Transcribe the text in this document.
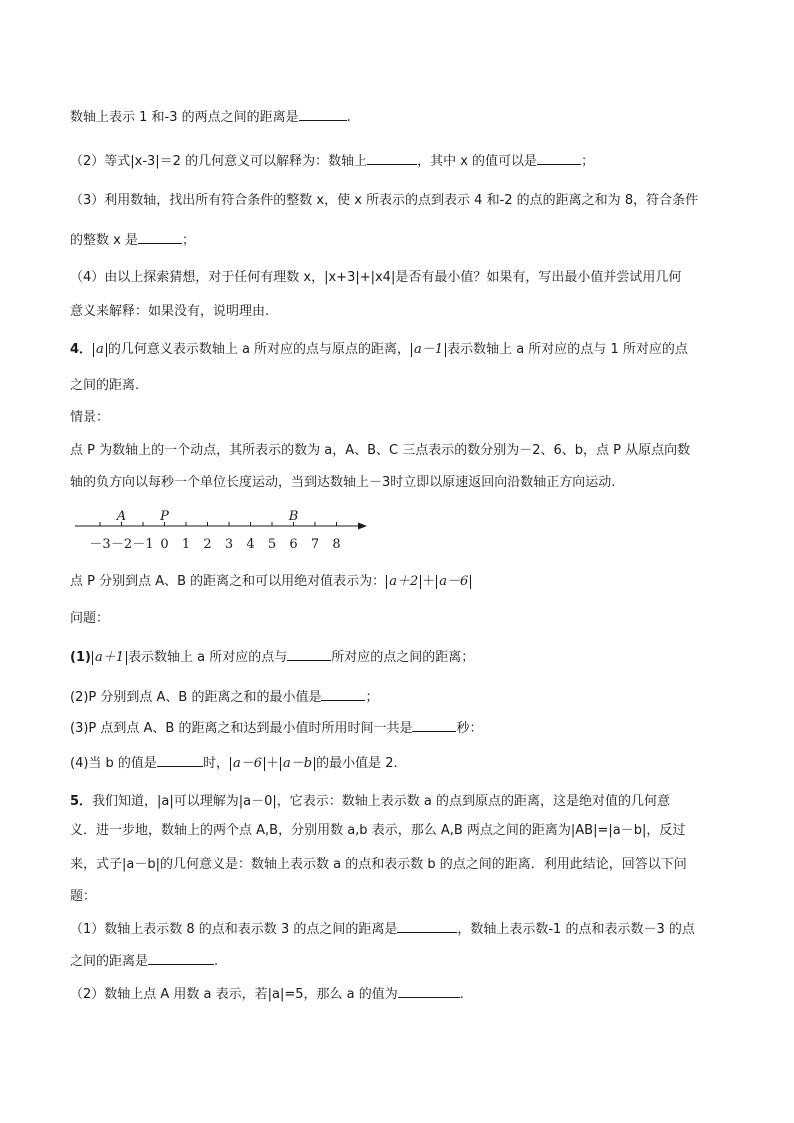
数轴上表示 1 和-3 的两点之间的距离是	.
（2）等式|x-3|＝2 的几何意义可以解释为：数轴上	，其中 x 的值可以是	；
（3）利用数轴，找出所有符合条件的整数 x，使 x 所表示的点到表示 4 和-2 的点的距离之和为 8，符合条件
的整数 x 是	；
（4）由以上探索猜想，对于任何有理数 x，|x+3|+|x4|是否有最小值？如果有，写出最小值并尝试用几何
意义来解释：如果没有，说明理由.
4． a 的几何意义表示数轴上 a 所对应的点与原点的距离， a－1 表示数轴上 a 所对应的点与 1 所对应的点
之间的距离.
情景：
点 P 为数轴上的一个动点，其所表示的数为 a，A、B、C 三点表示的数分别为－2、6、b，点 P 从原点向数
轴的负方向以每秒一个单位长度运动，当到达数轴上－3时立即以原速返回向沿数轴正方向运动.
－3 －2 －1 0 1 2 3 4 5 6 7 8
A	P	B
点 P 分别到点 A、B 的距离之和可以用绝对值表示为： a＋2 ＋ a－6
问题：
(1) a＋1 表示数轴上 a 所对应的点与	所对应的点之间的距离；
(2)P 分别到点 A、B 的距离之和的最小值是	；
(3)P 点到点 A、B 的距离之和达到最小值时所用时间一共是	秒：
(4)当 b 的值是	时， a－6 ＋ a－b 的最小值是 2.
5．我们知道，|a|可以理解为|a－0|，它表示：数轴上表示数 a 的点到原点的距离，这是绝对值的几何意
义．进一步地，数轴上的两个点 A,B，分别用数 a,b 表示，那么 A,B 两点之间的距离为|AB|=|a－b|，反过
来，式子|a－b|的几何意义是：数轴上表示数 a 的点和表示数 b 的点之间的距离．利用此结论，回答以下问
题：
（1）数轴上表示数 8 的点和表示数 3 的点之间的距离是	，数轴上表示数-1 的点和表示数－3 的点
之间的距离是	.
（2）数轴上点 A 用数 a 表示，若|a|=5，那么 a 的值为	.
